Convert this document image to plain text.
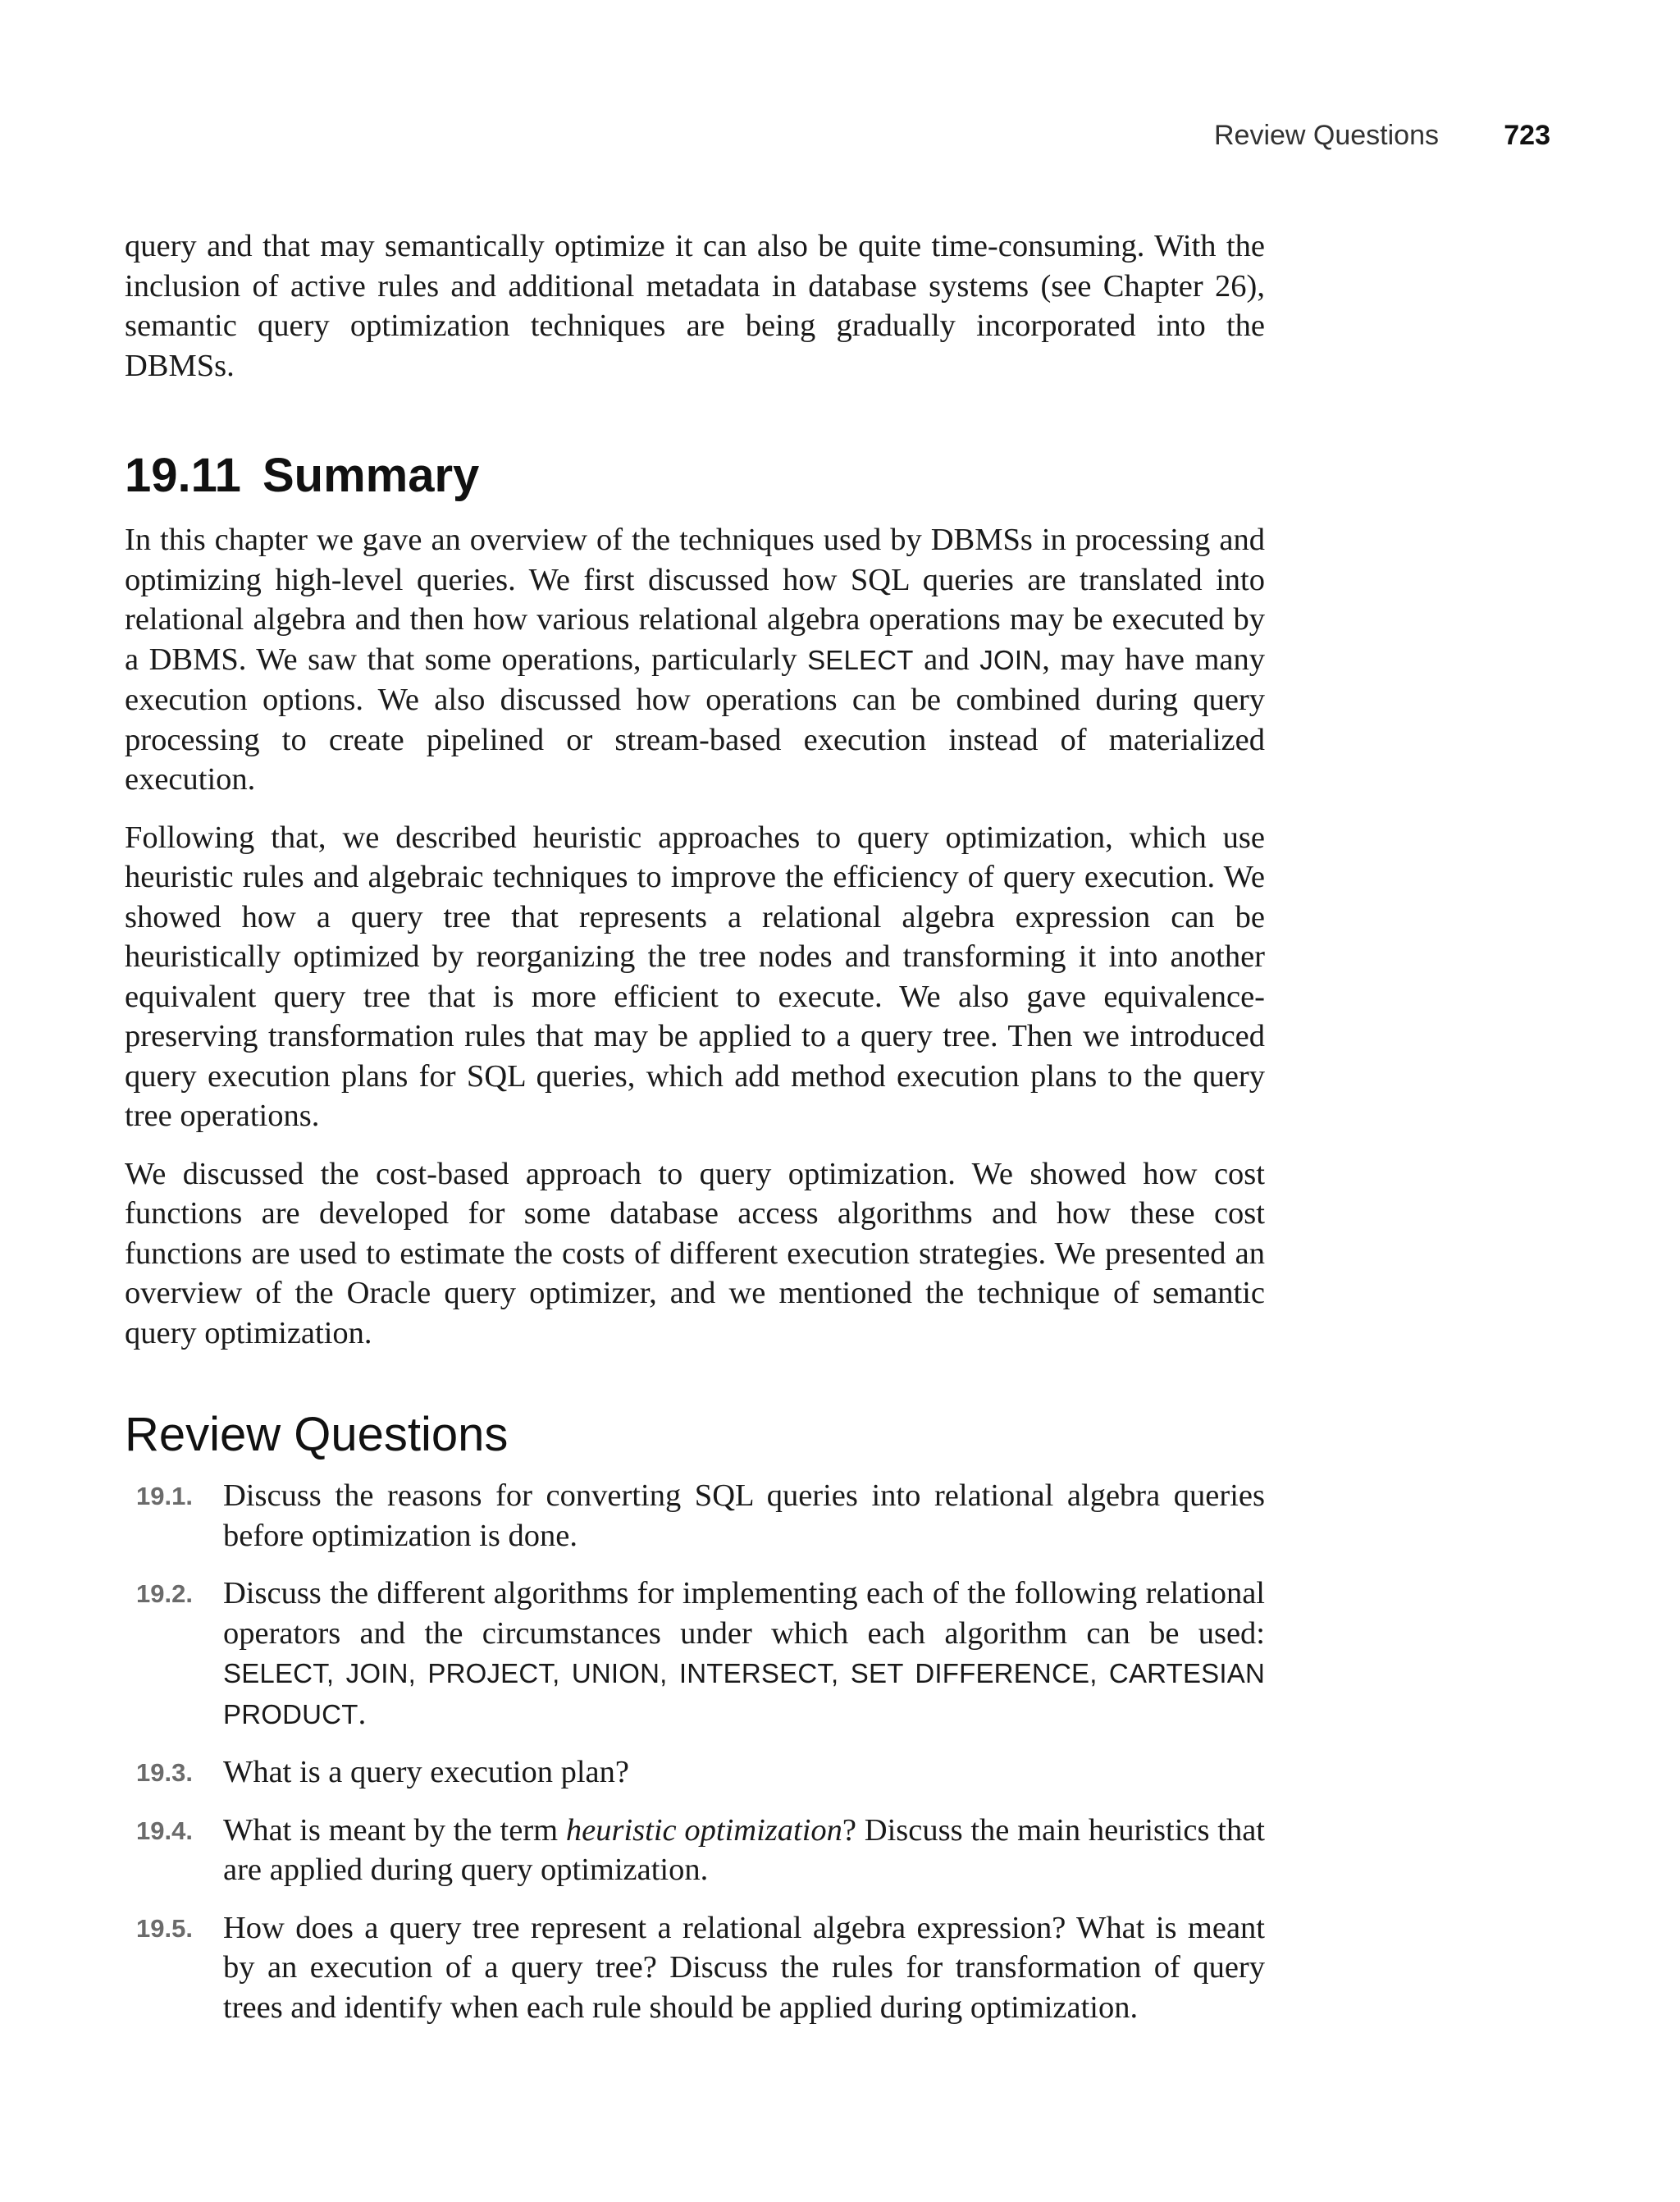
Review Questions 723

query and that may semantically optimize it can also be quite time-consuming. With the inclusion of active rules and additional metadata in database systems (see Chapter 26), semantic query optimization techniques are being gradually incorporated into the DBMSs.

19.11 Summary

In this chapter we gave an overview of the techniques used by DBMSs in processing and optimizing high-level queries. We first discussed how SQL queries are translated into relational algebra and then how various relational algebra operations may be executed by a DBMS. We saw that some operations, particularly SELECT and JOIN, may have many execution options. We also discussed how operations can be combined during query processing to create pipelined or stream-based execution instead of materialized execution.

Following that, we described heuristic approaches to query optimization, which use heuristic rules and algebraic techniques to improve the efficiency of query execution. We showed how a query tree that represents a relational algebra expression can be heuristically optimized by reorganizing the tree nodes and transforming it into another equivalent query tree that is more efficient to execute. We also gave equivalence-preserving transformation rules that may be applied to a query tree. Then we introduced query execution plans for SQL queries, which add method execution plans to the query tree operations.

We discussed the cost-based approach to query optimization. We showed how cost functions are developed for some database access algorithms and how these cost functions are used to estimate the costs of different execution strategies. We presented an overview of the Oracle query optimizer, and we mentioned the technique of semantic query optimization.

Review Questions
19.1. Discuss the reasons for converting SQL queries into relational algebra queries before optimization is done.
19.2. Discuss the different algorithms for implementing each of the following relational operators and the circumstances under which each algorithm can be used: SELECT, JOIN, PROJECT, UNION, INTERSECT, SET DIFFERENCE, CARTESIAN PRODUCT.
19.3. What is a query execution plan?
19.4. What is meant by the term heuristic optimization? Discuss the main heuristics that are applied during query optimization.
19.5. How does a query tree represent a relational algebra expression? What is meant by an execution of a query tree? Discuss the rules for transformation of query trees and identify when each rule should be applied during optimization.
